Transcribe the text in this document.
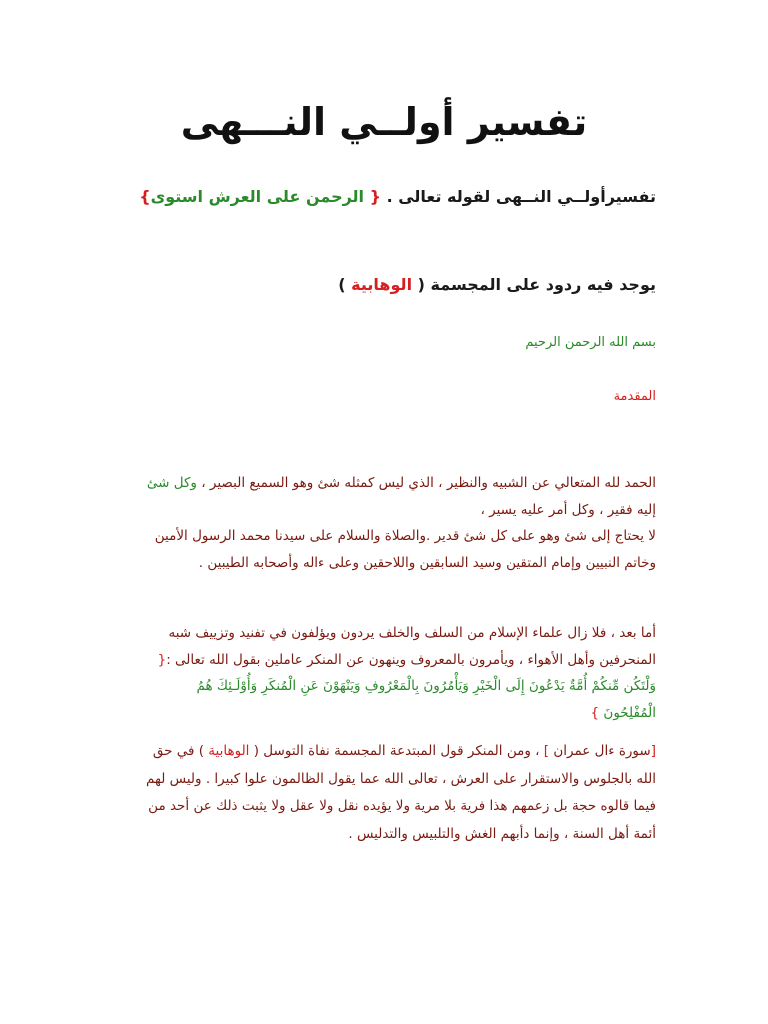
تفسير أولــي النـــهى

تفسيرأولــي النــهى لقوله تعالى . { الرحمن على العرش استوى}

يوجد فيه ردود على المجسمة ( الوهابية )

بسم الله الرحمن الرحيم

المقدمة

الحمد لله المتعالي عن الشبيه والنظير ، الذي ليس كمثله شئ وهو السميع البصير ، وكل شئ
إليه فقير ، وكل أمر عليه يسير ،
لا يحتاج إلى شئ وهو على كل شئ قدير .والصلاة والسلام على سيدنا محمد الرسول الأمين
وخاتم النبيين وإمام المتقين وسيد السابقين واللاحقين وعلى ءاله وأصحابه الطيبين .

أما بعد ، فلا زال علماء الإسلام من السلف والخلف يردون ويؤلفون في تفنيد وتزييف شبه
المنحرفين وأهل الأهواء ، ويأمرون بالمعروف وينهون عن المنكر عاملين بقول الله تعالى :{
وَلْتَكُن مِّنكُمْ أُمَّةٌ يَدْعُونَ إِلَى الْخَيْرِ وَيَأْمُرُونَ بِالْمَعْرُوفِ وَيَنْهَوْنَ عَنِ الْمُنكَرِ وَأُوْلَـئِكَ هُمُ
الْمُفْلِحُونَ }

[سورة ءال عمران ] ، ومن المنكر قول المبتدعة المجسمة نفاة التوسل ( الوهابية ) في حق
الله بالجلوس والاستقرار على العرش ، تعالى الله عما يقول الظالمون علوا كبيرا . وليس لهم
فيما قالوه حجة بل زعمهم هذا فرية بلا مرية ولا يؤيده نقل ولا عقل ولا يثبت ذلك عن أحد من
أئمة أهل السنة ، وإنما دأبهم الغش والتلبيس والتدليس .
